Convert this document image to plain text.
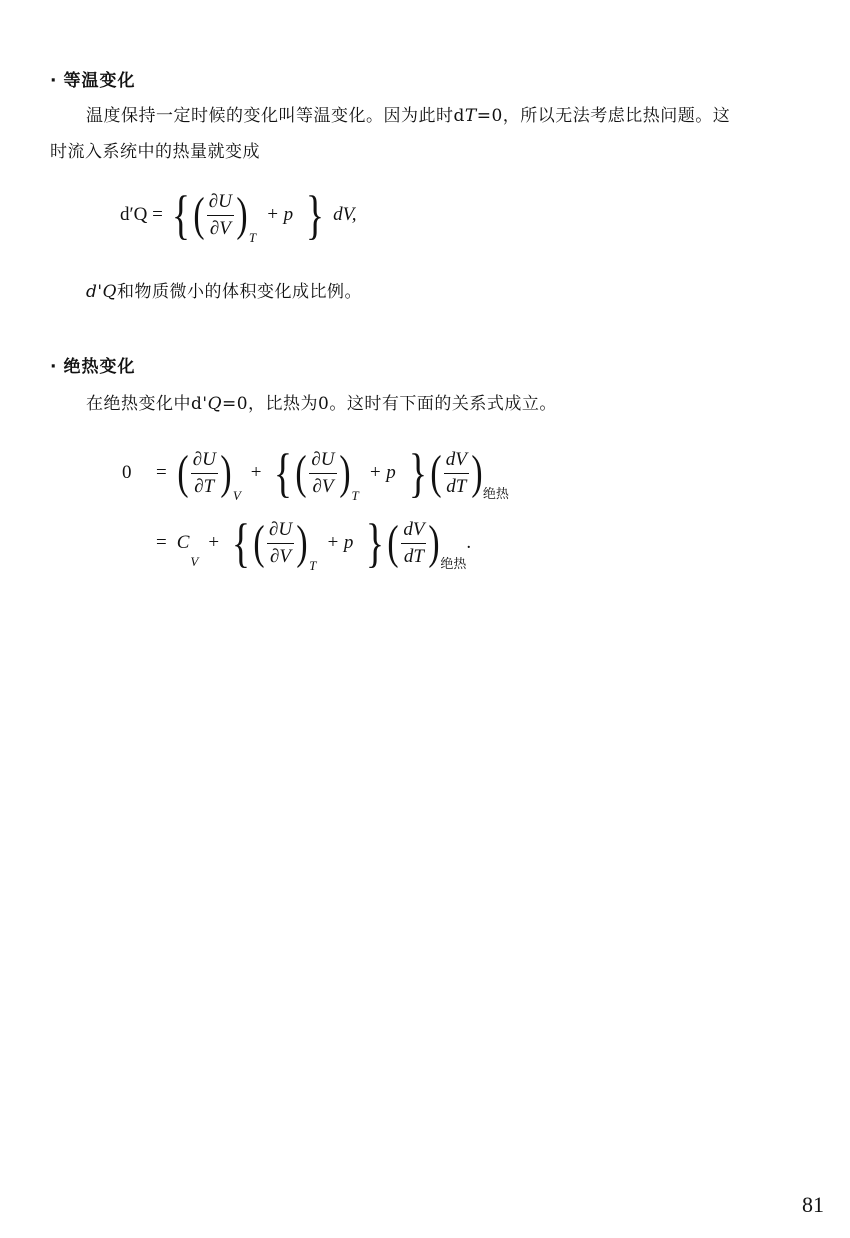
· 等温变化
温度保持一定时候的变化叫等温变化。因为此时dT=0，所以无法考虑比热问题。这
时流入系统中的热量就变成
d′Q = { ( $\frac{\partial U}{\partial V}$ ) T
+ p } dV,
d'Q和物质微小的体积变化成比例。
· 绝热变化
在绝热变化中d'Q=0，比热为0。这时有下面的关系式成立。
0	= ( $\frac{\partial U}{\partial T}$ ) V
+ { ( $\frac{\partial U}{\partial V}$ ) T
+ p } ( $\frac{dV}{dT}$ ) 绝热
= C
V
+ { ( $\frac{\partial U}{\partial V}$ ) T
+ p } ( $\frac{dV}{dT}$ ) 绝热
.
81
